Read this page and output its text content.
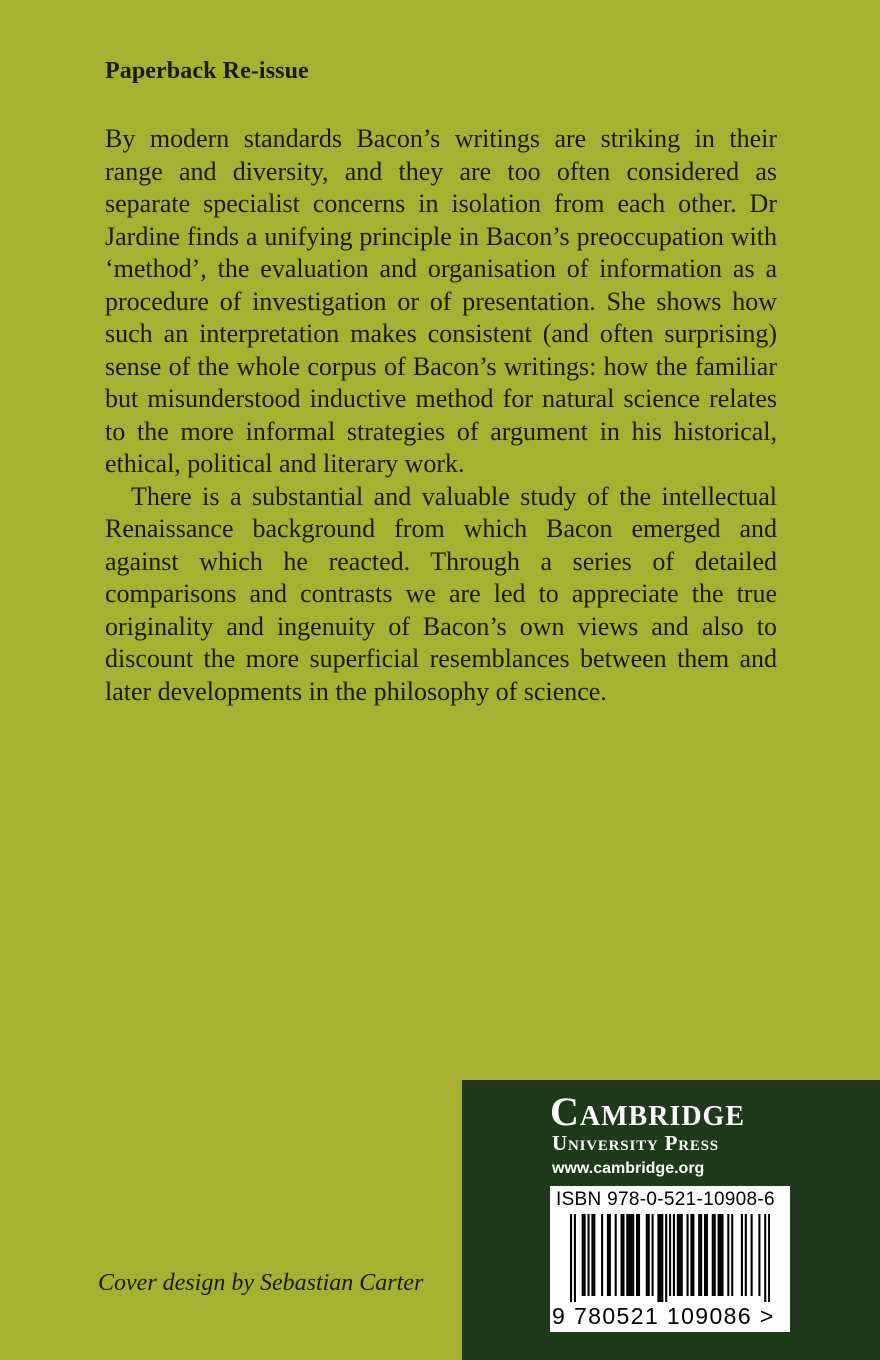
Paperback Re-issue

By modern standards Bacon’s writings are striking in their range and diversity, and they are too often considered as separate specialist concerns in isolation from each other. Dr Jardine finds a unifying principle in Bacon’s preoccupation with ‘method’, the evaluation and organisation of information as a procedure of investigation or of presentation. She shows how such an interpretation makes consistent (and often surprising) sense of the whole corpus of Bacon’s writings: how the familiar but misunderstood inductive method for natural science relates to the more informal strategies of argument in his historical, ethical, political and literary work.

There is a substantial and valuable study of the intellectual Renaissance background from which Bacon emerged and against which he reacted. Through a series of detailed comparisons and contrasts we are led to appreciate the true originality and ingenuity of Bacon’s own views and also to discount the more superficial resemblances between them and later developments in the philosophy of science.

Cover design by Sebastian Carter
Cambridge
University Press
www.cambridge.org
ISBN 978-0-521-10908-6
9 780521 109086 >
